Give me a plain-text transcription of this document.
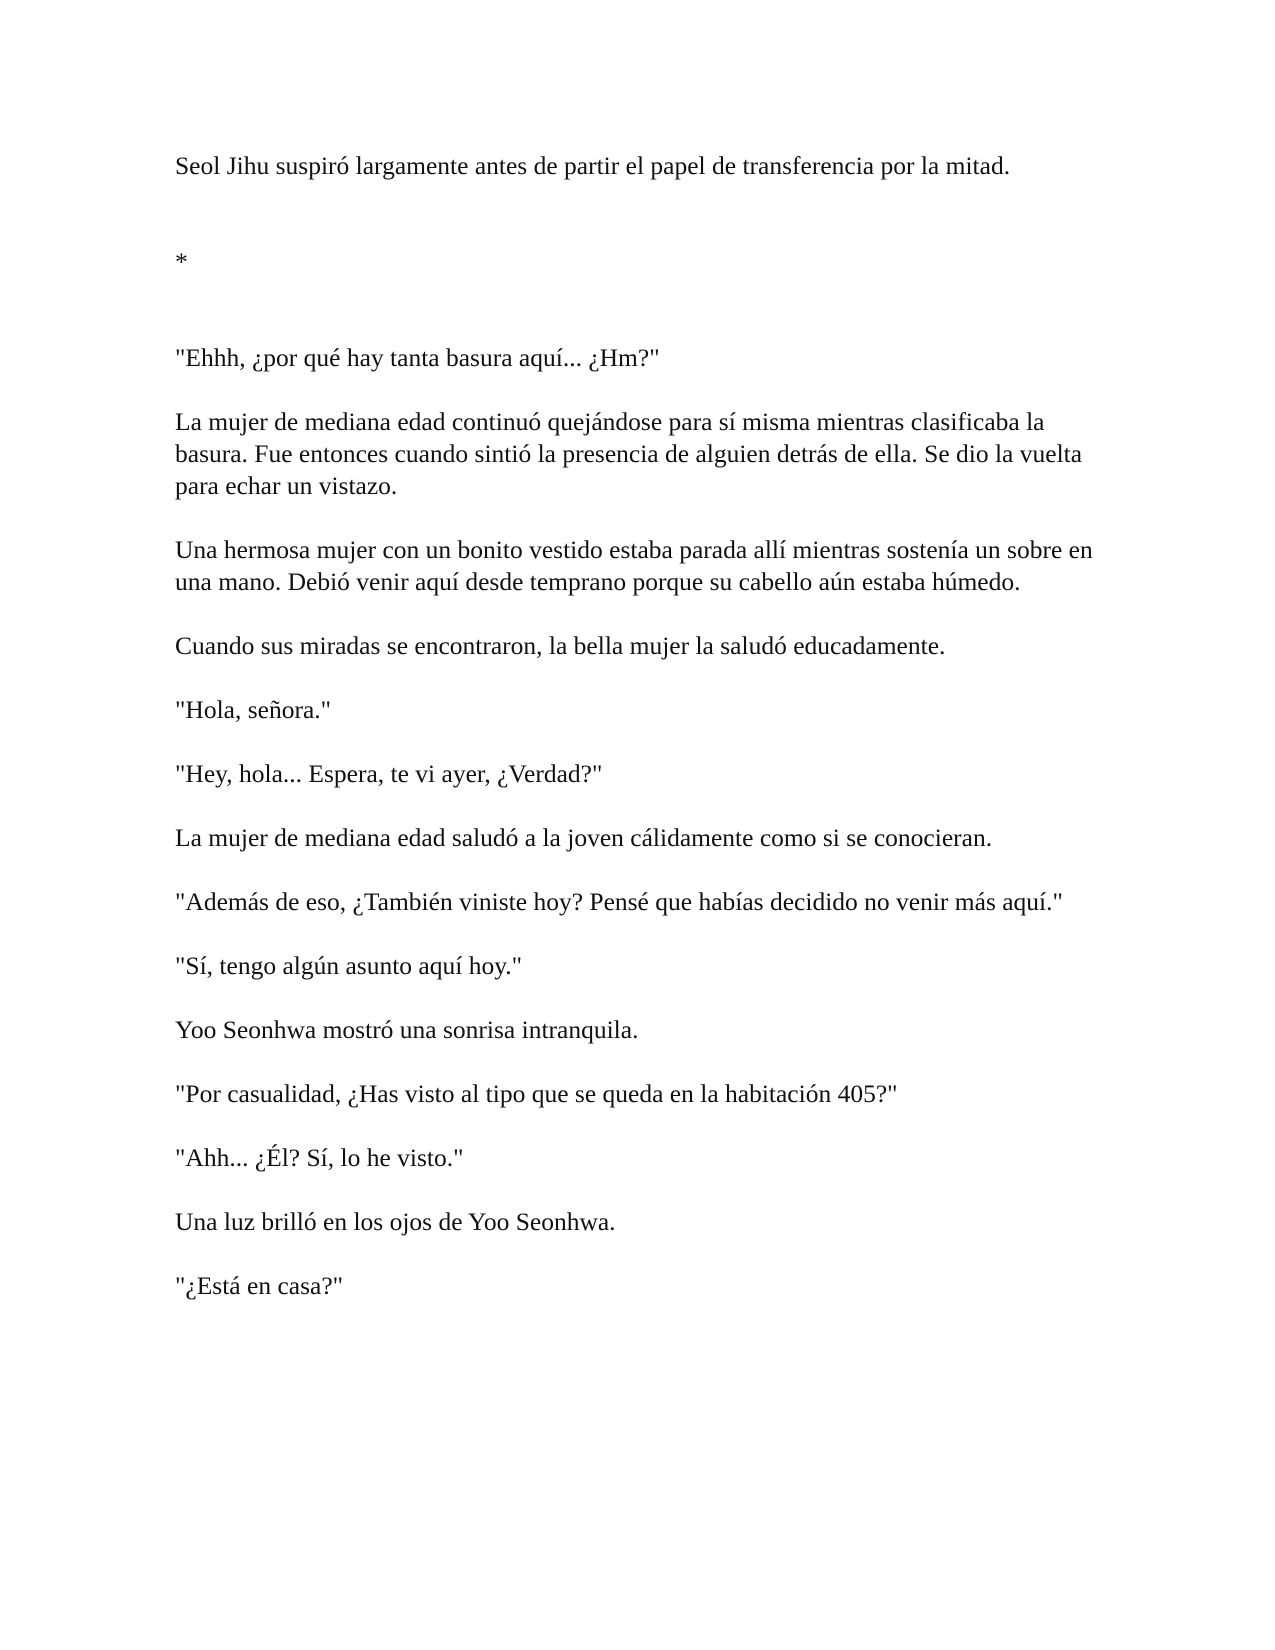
Seol Jihu suspiró largamente antes de partir el papel de transferencia por la mitad.

*

"Ehhh, ¿por qué hay tanta basura aquí... ¿Hm?"

La mujer de mediana edad continuó quejándose para sí misma mientras clasificaba la basura. Fue entonces cuando sintió la presencia de alguien detrás de ella. Se dio la vuelta para echar un vistazo.

Una hermosa mujer con un bonito vestido estaba parada allí mientras sostenía un sobre en una mano. Debió venir aquí desde temprano porque su cabello aún estaba húmedo.

Cuando sus miradas se encontraron, la bella mujer la saludó educadamente.

"Hola, señora."

"Hey, hola... Espera, te vi ayer, ¿Verdad?"

La mujer de mediana edad saludó a la joven cálidamente como si se conocieran.

"Además de eso, ¿También viniste hoy? Pensé que habías decidido no venir más aquí."

"Sí, tengo algún asunto aquí hoy."

Yoo Seonhwa mostró una sonrisa intranquila.

"Por casualidad, ¿Has visto al tipo que se queda en la habitación 405?"

"Ahh... ¿Él? Sí, lo he visto."

Una luz brilló en los ojos de Yoo Seonhwa.

"¿Está en casa?"
